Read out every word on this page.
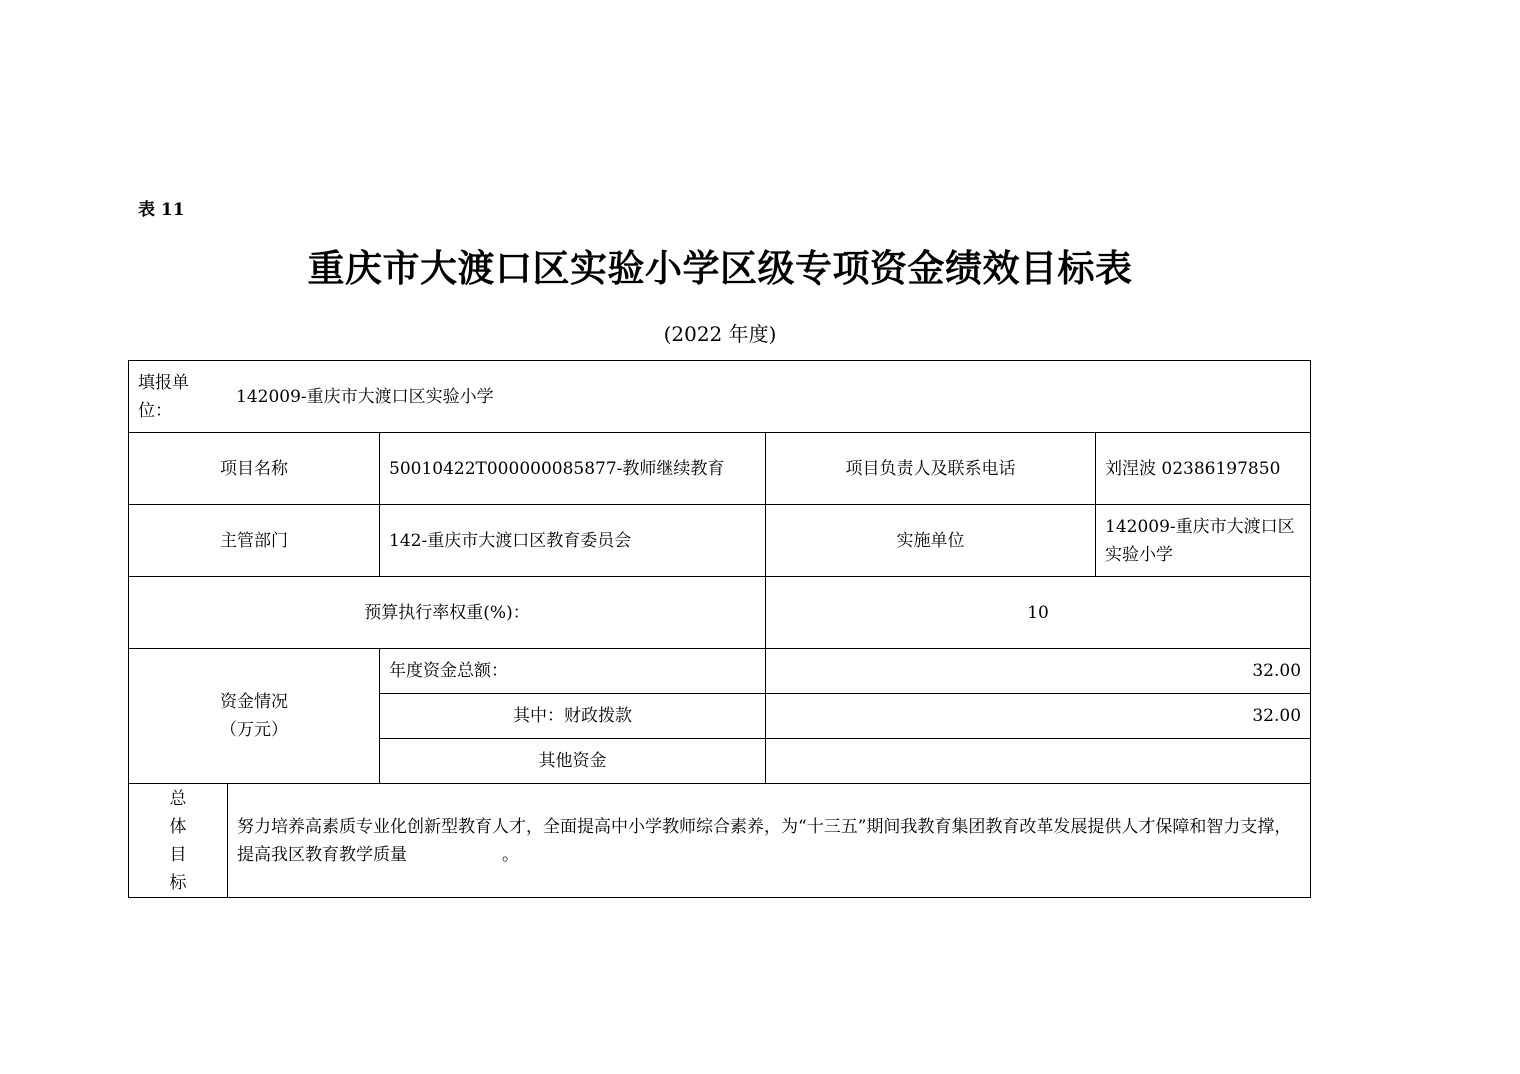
表 11
重庆市大渡口区实验小学区级专项资金绩效目标表
(2022 年度)
填报单位：
142009-重庆市大渡口区实验小学				

项目名称		50010422T000000085877-教师继续教育	项目负责人及联系电话	刘涅波 02386197850
主管部门		142-重庆市大渡口区教育委员会	实施单位	142009-重庆市大渡口区实验小学
预算执行率权重(%)：			10	

资金情况（万元）		年度资金总额：	32.00	
		其中：财政拨款	32.00	
		其他资金		

总体目标	努力培养高素质专业化创新型教育人才，全面提高中小学教师综合素养，为“十三五”期间我教育集团教育改革发展提供人才保障和智力支撑，提高我区教育教学质量 。			
